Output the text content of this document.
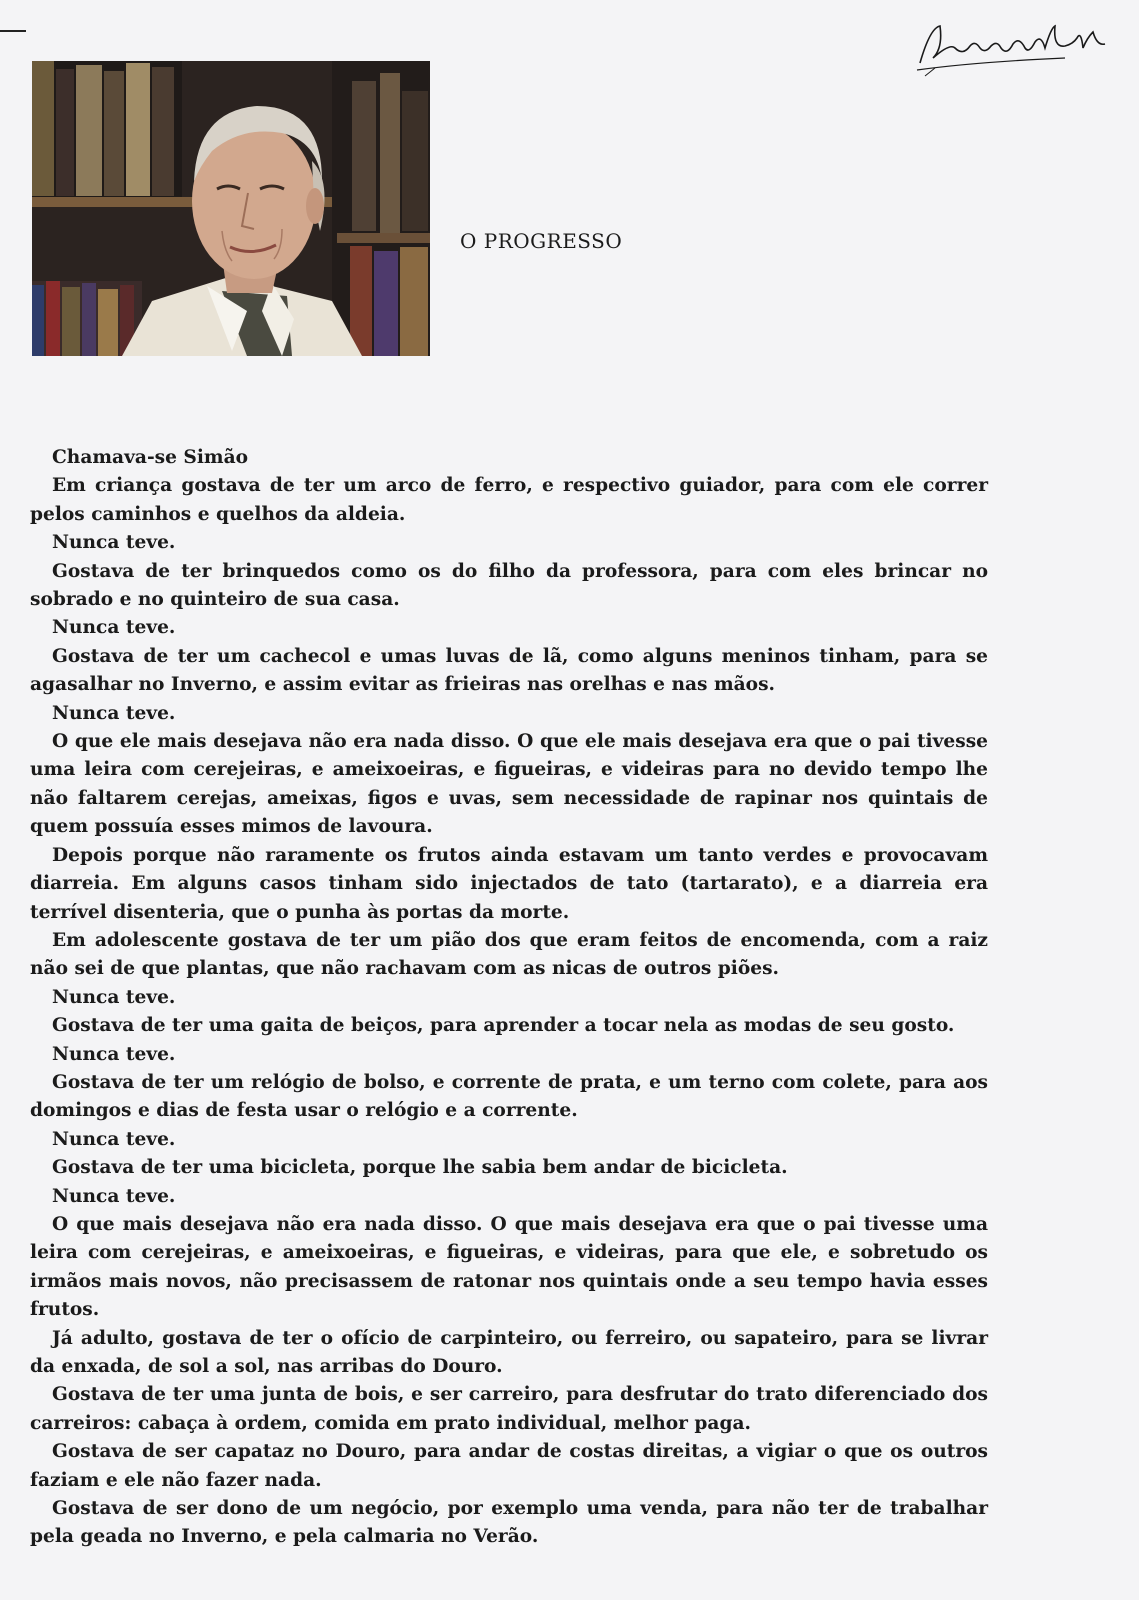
O PROGRESSO

Chamava-se Simão

Em criança gostava de ter um arco de ferro, e respectivo guiador, para com ele correr pelos caminhos e quelhos da aldeia.

Nunca teve.

Gostava de ter brinquedos como os do filho da professora, para com eles brincar no sobrado e no quinteiro de sua casa.

Nunca teve.

Gostava de ter um cachecol e umas luvas de lã, como alguns meninos tinham, para se agasalhar no Inverno, e assim evitar as frieiras nas orelhas e nas mãos.

Nunca teve.

O que ele mais desejava não era nada disso. O que ele mais desejava era que o pai tivesse uma leira com cerejeiras, e ameixoeiras, e figueiras, e videiras para no devido tempo lhe não faltarem cerejas, ameixas, figos e uvas, sem necessidade de rapinar nos quintais de quem possuía esses mimos de lavoura.

Depois porque não raramente os frutos ainda estavam um tanto verdes e provocavam diarreia. Em alguns casos tinham sido injectados de tato (tartarato), e a diarreia era terrível disenteria, que o punha às portas da morte.

Em adolescente gostava de ter um pião dos que eram feitos de encomenda, com a raiz não sei de que plantas, que não rachavam com as nicas de outros piões.

Nunca teve.

Gostava de ter uma gaita de beiços, para aprender a tocar nela as modas de seu gosto.

Nunca teve.

Gostava de ter um relógio de bolso, e corrente de prata, e um terno com colete, para aos domingos e dias de festa usar o relógio e a corrente.

Nunca teve.

Gostava de ter uma bicicleta, porque lhe sabia bem andar de bicicleta.

Nunca teve.

O que mais desejava não era nada disso. O que mais desejava era que o pai tivesse uma leira com cerejeiras, e ameixoeiras, e figueiras, e videiras, para que ele, e sobretudo os irmãos mais novos, não precisassem de ratonar nos quintais onde a seu tempo havia esses frutos.

Já adulto, gostava de ter o ofício de carpinteiro, ou ferreiro, ou sapateiro, para se livrar da enxada, de sol a sol, nas arribas do Douro.

Gostava de ter uma junta de bois, e ser carreiro, para desfrutar do trato diferenciado dos carreiros: cabaça à ordem, comida em prato individual, melhor paga.

Gostava de ser capataz no Douro, para andar de costas direitas, a vigiar o que os outros faziam e ele não fazer nada.

Gostava de ser dono de um negócio, por exemplo uma venda, para não ter de trabalhar pela geada no Inverno, e pela calmaria no Verão.
